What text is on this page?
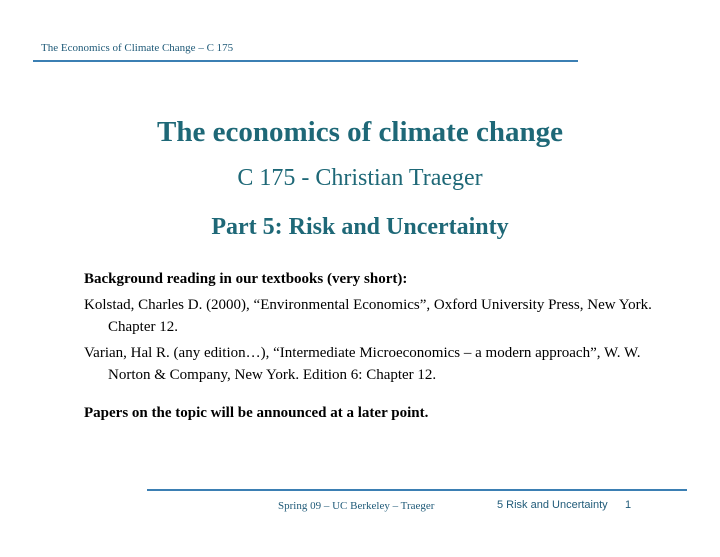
The Economics of Climate Change – C 175
The economics of climate change
C 175 - Christian Traeger
Part 5: Risk and Uncertainty
Background reading in our textbooks (very short):
Kolstad, Charles D. (2000), “Environmental Economics”, Oxford University Press, New York. Chapter 12.
Varian, Hal R. (any edition…), “Intermediate Microeconomics – a modern approach”, W. W. Norton & Company, New York. Edition 6: Chapter 12.
Papers on the topic will be announced at a later point.
Spring 09 – UC Berkeley – Traeger	5 Risk and Uncertainty 1
